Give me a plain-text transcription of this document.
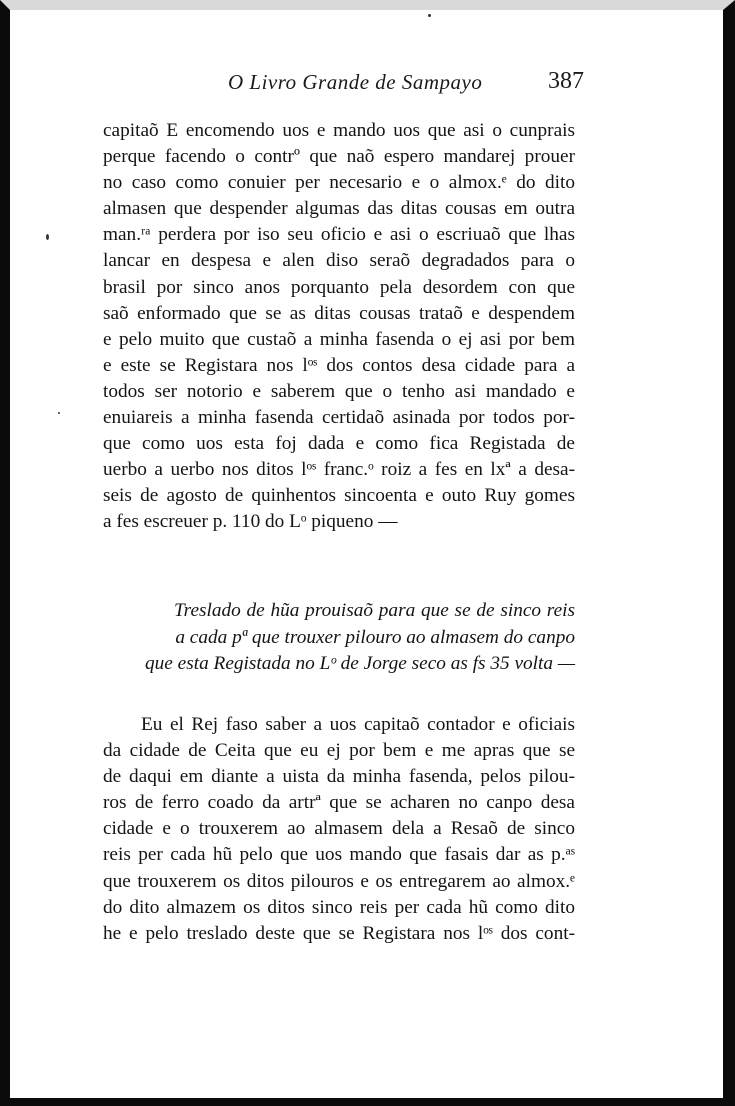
O Livro Grande de Sampayo	387
capitaõ E encomendo uos e mando uos que asi o cunprais
perque facendo o contrº que naõ espero mandarej prouer
no caso como conuier per necesario e o almox.ᵉ do dito
almasen que despender algumas das ditas cousas em outra
man.ʳᵃ perdera por iso seu oficio e asi o escriuaõ que lhas
lancar en despesa e alen diso seraõ degradados para o
brasil por sinco anos porquanto pela desordem con que
saõ enformado que se as ditas cousas trataõ e despendem
e pelo muito que custaõ a minha fasenda o ej asi por bem
e este se Registara nos lᵒˢ dos contos desa cidade para a
todos ser notorio e saberem que o tenho asi mandado e
enuiareis a minha fasenda certidaõ asinada por todos por-
que como uos esta foj dada e como fica Registada de
uerbo a uerbo nos ditos lᵒˢ franc.ᵒ roiz a fes en lxª a desa-
seis de agosto de quinhentos sincoenta e outo Ruy gomes
a fes escreuer p. 110 do Lᵒ piqueno —
Treslado de hũa prouisaõ para que se de sinco reis
a cada pª que trouxer pilouro ao almasem do canpo
que esta Registada no Lᵒ de Jorge seco as fs 35 volta —
Eu el Rej faso saber a uos capitaõ contador e oficiais
da cidade de Ceita que eu ej por bem e me apras que se
de daqui em diante a uista da minha fasenda, pelos pilou-
ros de ferro coado da artrª que se acharen no canpo desa
cidade e o trouxerem ao almasem dela a Resaõ de sinco
reis per cada hũ pelo que uos mando que fasais dar as p.ᵃˢ
que trouxerem os ditos pilouros e os entregarem ao almox.ᵉ
do dito almazem os ditos sinco reis per cada hũ como dito
he e pelo treslado deste que se Registara nos lᵒˢ dos cont-
